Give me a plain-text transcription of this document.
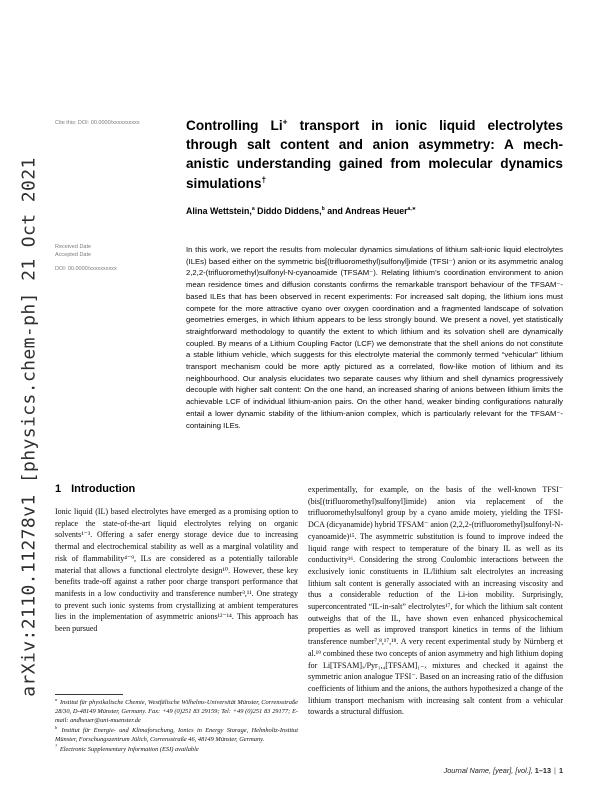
arXiv:2110.11278v1 [physics.chem-ph] 21 Oct 2021
Cite this: DOI: 00.0000/xxxxxxxxxx
Received Date
Accepted Date
DOI: 00.0000/xxxxxxxxxx
Controlling Li+ transport in ionic liquid electrolytes
through salt content and anion asymmetry: A mech-
anistic understanding gained from molecular dynamics
simulations†
Alina Wettstein,$^a$ Diddo Diddens,$^b$ and Andreas Heuer$^{a,∗}$
In this work, we report the results from molecular dynamics simulations of lithium salt-ionic liquid electrolytes (ILEs) based either on the symmetric bis[(trifluoromethyl)sulfonyl]imide (TFSI⁻) anion or its asymmetric analog 2,2,2-(trifluoromethyl)sulfonyl-N-cyanoamide (TFSAM⁻). Relating lithium’s coordination environment to anion mean residence times and diffusion constants confirms the remarkable transport behaviour of the TFSAM⁻-based ILEs that has been observed in recent experiments: For increased salt doping, the lithium ions must compete for the more attractive cyano over oxygen coordination and a fragmented landscape of solvation geometries emerges, in which lithium appears to be less strongly bound. We present a novel, yet statistically straightforward methodology to quantify the extent to which lithium and its solvation shell are dynamically coupled. By means of a Lithium Coupling Factor (LCF) we demonstrate that the shell anions do not constitute a stable lithium vehicle, which suggests for this electrolyte material the commonly termed “vehicular” lithium transport mechanism could be more aptly pictured as a correlated, flow-like motion of lithium and its neighbourhood. Our analysis elucidates two separate causes why lithium and shell dynamics progressively decouple with higher salt content: On the one hand, an increased sharing of anions between lithium limits the achievable LCF of individual lithium-anion pairs. On the other hand, weaker binding configurations naturally entail a lower dynamic stability of the lithium-anion complex, which is particularly relevant for the TFSAM⁻-containing ILEs.
1 Introduction
Ionic liquid (IL) based electrolytes have emerged as a promising option to replace the state-of-the-art liquid electrolytes relying on organic solvents¹⁻³. Offering a safer energy storage device due to increasing thermal and electrochemical stability as well as a marginal volatility and risk of flammability⁴⁻⁹, ILs are considered as a potentially tailorable material that allows a functional electrolyte design¹⁰. However, these key benefits trade-off against a rather poor charge transport performance that manifests in a low conductivity and transference number³,¹¹. One strategy to prevent such ionic systems from crystallizing at ambient temperatures lies in the implementation of asymmetric anions¹²⁻¹⁴. This approach has been pursued
experimentally, for example, on the basis of the well-known TFSI⁻ (bis[(trifluoromethyl)sulfonyl]imide) anion via replacement of the trifluoromethylsulfonyl group by a cyano amide moiety, yielding the TFSI-DCA (dicyanamide) hybrid TFSAM⁻ anion (2,2,2-(trifluoromethyl)sulfonyl-N-cyanoamide)¹⁵. The asymmetric substitution is found to improve indeed the liquid range with respect to temperature of the binary IL as well as its conductivity¹⁶. Considering the strong Coulombic interactions between the exclusively ionic constituents in IL/lithium salt electrolytes an increasing lithium salt content is generally associated with an increasing viscosity and thus a considerable reduction of the Li-ion mobility. Surprisingly, superconcentrated “IL-in-salt” electrolytes¹⁷, for which the lithium salt content outweighs that of the IL, have shown even enhanced physicochemical properties as well as improved transport kinetics in terms of the lithium transference number⁷,⁸,¹⁷,¹⁸. A very recent experimental study by Nürnberg et al.¹⁹ combined these two concepts of anion asymmetry and high lithium doping for Li[TFSAM]ₓ/Pyr₁,₄[TFSAM]₁₋ₓ mixtures and checked it against the symmetric anion analogue TFSI⁻. Based on an increasing ratio of the diffusion coefficients of lithium and the anions, the authors hypothesized a change of the lithium transport mechanism with increasing salt content from a vehicular towards a structural diffusion.

$^a$ Institut für physikalische Chemie, Westfälische Wilhelms-Universität Münster, Corrensstraße 28/30, D-48149 Münster, Germany. Fax: +49 (0)251 83 29159; Tel: +49 (0)251 83 29177; E-mail: andheuer@uni-muenster.de

$^b$ Institut für Energie- und Klimaforschung, Ionics in Energy Storage, Helmholtz-Institut Münster, Forschungszentrum Jülich, Corrensstraße 46, 48149 Münster, Germany.

† Electronic Supplementary Information (ESI) available

Journal Name, [year], [vol.], 1–13 | 1
